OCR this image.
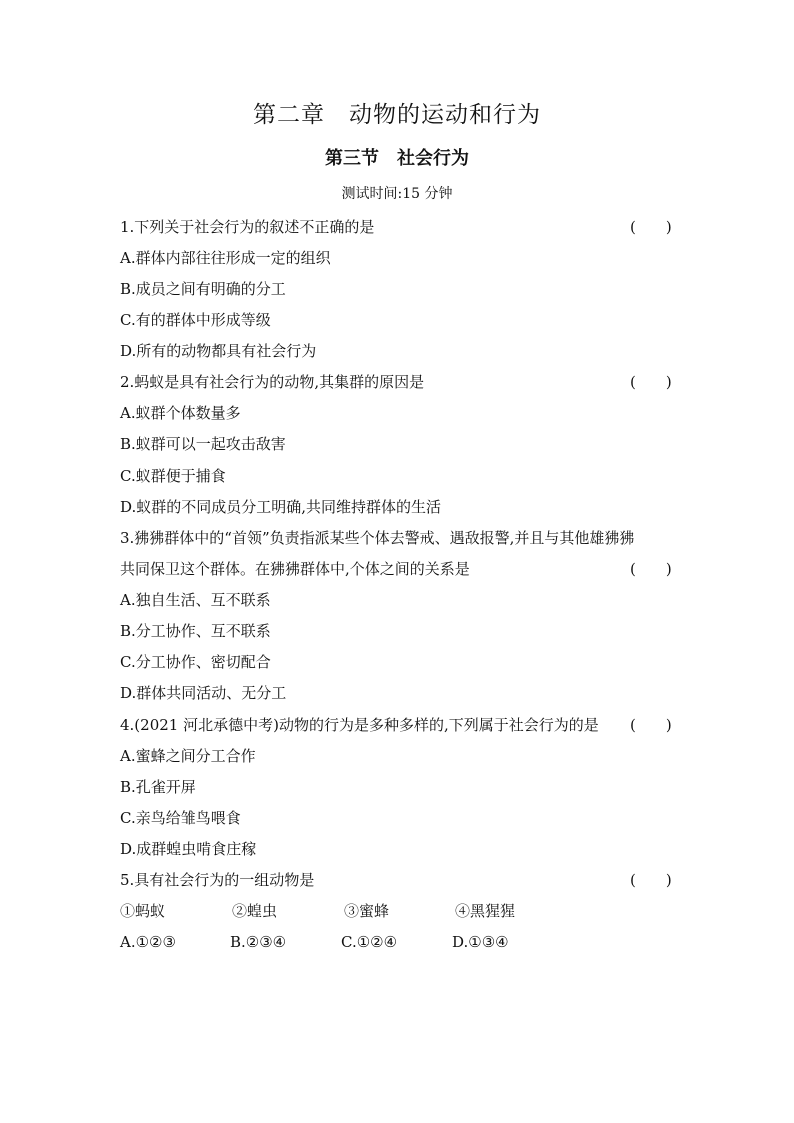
第二章　动物的运动和行为
第三节　社会行为
测试时间:15 分钟
1.下列关于社会行为的叙述不正确的是	(　　)
A.群体内部往往形成一定的组织
B.成员之间有明确的分工
C.有的群体中形成等级
D.所有的动物都具有社会行为
2.蚂蚁是具有社会行为的动物,其集群的原因是	(　　)
A.蚁群个体数量多
B.蚁群可以一起攻击敌害
C.蚁群便于捕食
D.蚁群的不同成员分工明确,共同维持群体的生活
3.狒狒群体中的“首领”负责指派某些个体去警戒、遇敌报警,并且与其他雄狒狒
共同保卫这个群体。在狒狒群体中,个体之间的关系是	(　　)
A.独自生活、互不联系
B.分工协作、互不联系
C.分工协作、密切配合
D.群体共同活动、无分工
4.(2021 河北承德中考)动物的行为是多种多样的,下列属于社会行为的是 (　　)
A.蜜蜂之间分工合作
B.孔雀开屏
C.亲鸟给雏鸟喂食
D.成群蝗虫啃食庄稼
5.具有社会行为的一组动物是	(　　)
①蚂蚁	②蝗虫	③蜜蜂	④黑猩猩
A.①②③	B.②③④	C.①②④	D.①③④
